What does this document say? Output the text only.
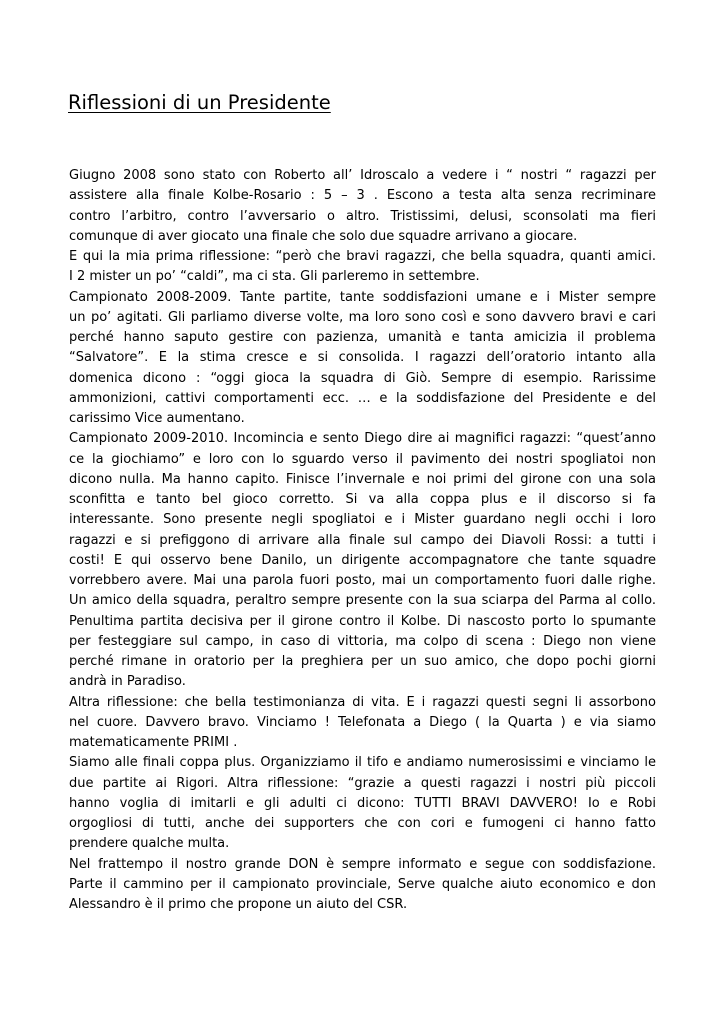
Riflessioni di un Presidente
Giugno 2008 sono stato con Roberto all’ Idroscalo a vedere i “ nostri “ ragazzi per
assistere alla finale Kolbe-Rosario : 5 – 3 . Escono a testa alta senza recriminare
contro l’arbitro, contro l’avversario o altro. Tristissimi, delusi, sconsolati ma fieri
comunque di aver giocato una finale che solo due squadre arrivano a giocare.
E qui la mia prima riflessione: “però che bravi ragazzi, che bella squadra, quanti amici.
I 2 mister un po’ “caldi”, ma ci sta. Gli parleremo in settembre.
Campionato 2008-2009. Tante partite, tante soddisfazioni umane e i Mister sempre
un po’ agitati. Gli parliamo diverse volte, ma loro sono così e sono davvero bravi e cari
perché hanno saputo gestire con pazienza, umanità e tanta amicizia il problema
“Salvatore”. E la stima cresce e si consolida. I ragazzi dell’oratorio intanto alla
domenica dicono : “oggi gioca la squadra di Giò. Sempre di esempio. Rarissime
ammonizioni, cattivi comportamenti ecc. … e la soddisfazione del Presidente e del
carissimo Vice aumentano.
Campionato 2009-2010. Incomincia e sento Diego dire ai magnifici ragazzi: “quest’anno
ce la giochiamo” e loro con lo sguardo verso il pavimento dei nostri spogliatoi non
dicono nulla. Ma hanno capito. Finisce l’invernale e noi primi del girone con una sola
sconfitta e tanto bel gioco corretto. Si va alla coppa plus e il discorso si fa
interessante. Sono presente negli spogliatoi e i Mister guardano negli occhi i loro
ragazzi e si prefiggono di arrivare alla finale sul campo dei Diavoli Rossi: a tutti i
costi! E qui osservo bene Danilo, un dirigente accompagnatore che tante squadre
vorrebbero avere. Mai una parola fuori posto, mai un comportamento fuori dalle righe.
Un amico della squadra, peraltro sempre presente con la sua sciarpa del Parma al collo.
Penultima partita decisiva per il girone contro il Kolbe. Di nascosto porto lo spumante
per festeggiare sul campo, in caso di vittoria, ma colpo di scena : Diego non viene
perché rimane in oratorio per la preghiera per un suo amico, che dopo pochi giorni
andrà in Paradiso.
Altra riflessione: che bella testimonianza di vita. E i ragazzi questi segni li assorbono
nel cuore. Davvero bravo. Vinciamo ! Telefonata a Diego ( la Quarta ) e via siamo
matematicamente PRIMI .
Siamo alle finali coppa plus. Organizziamo il tifo e andiamo numerosissimi e vinciamo le
due partite ai Rigori. Altra riflessione: “grazie a questi ragazzi i nostri più piccoli
hanno voglia di imitarli e gli adulti ci dicono: TUTTI BRAVI DAVVERO! Io e Robi
orgogliosi di tutti, anche dei supporters che con cori e fumogeni ci hanno fatto
prendere qualche multa.
Nel frattempo il nostro grande DON è sempre informato e segue con soddisfazione.
Parte il cammino per il campionato provinciale, Serve qualche aiuto economico e don
Alessandro è il primo che propone un aiuto del CSR.
